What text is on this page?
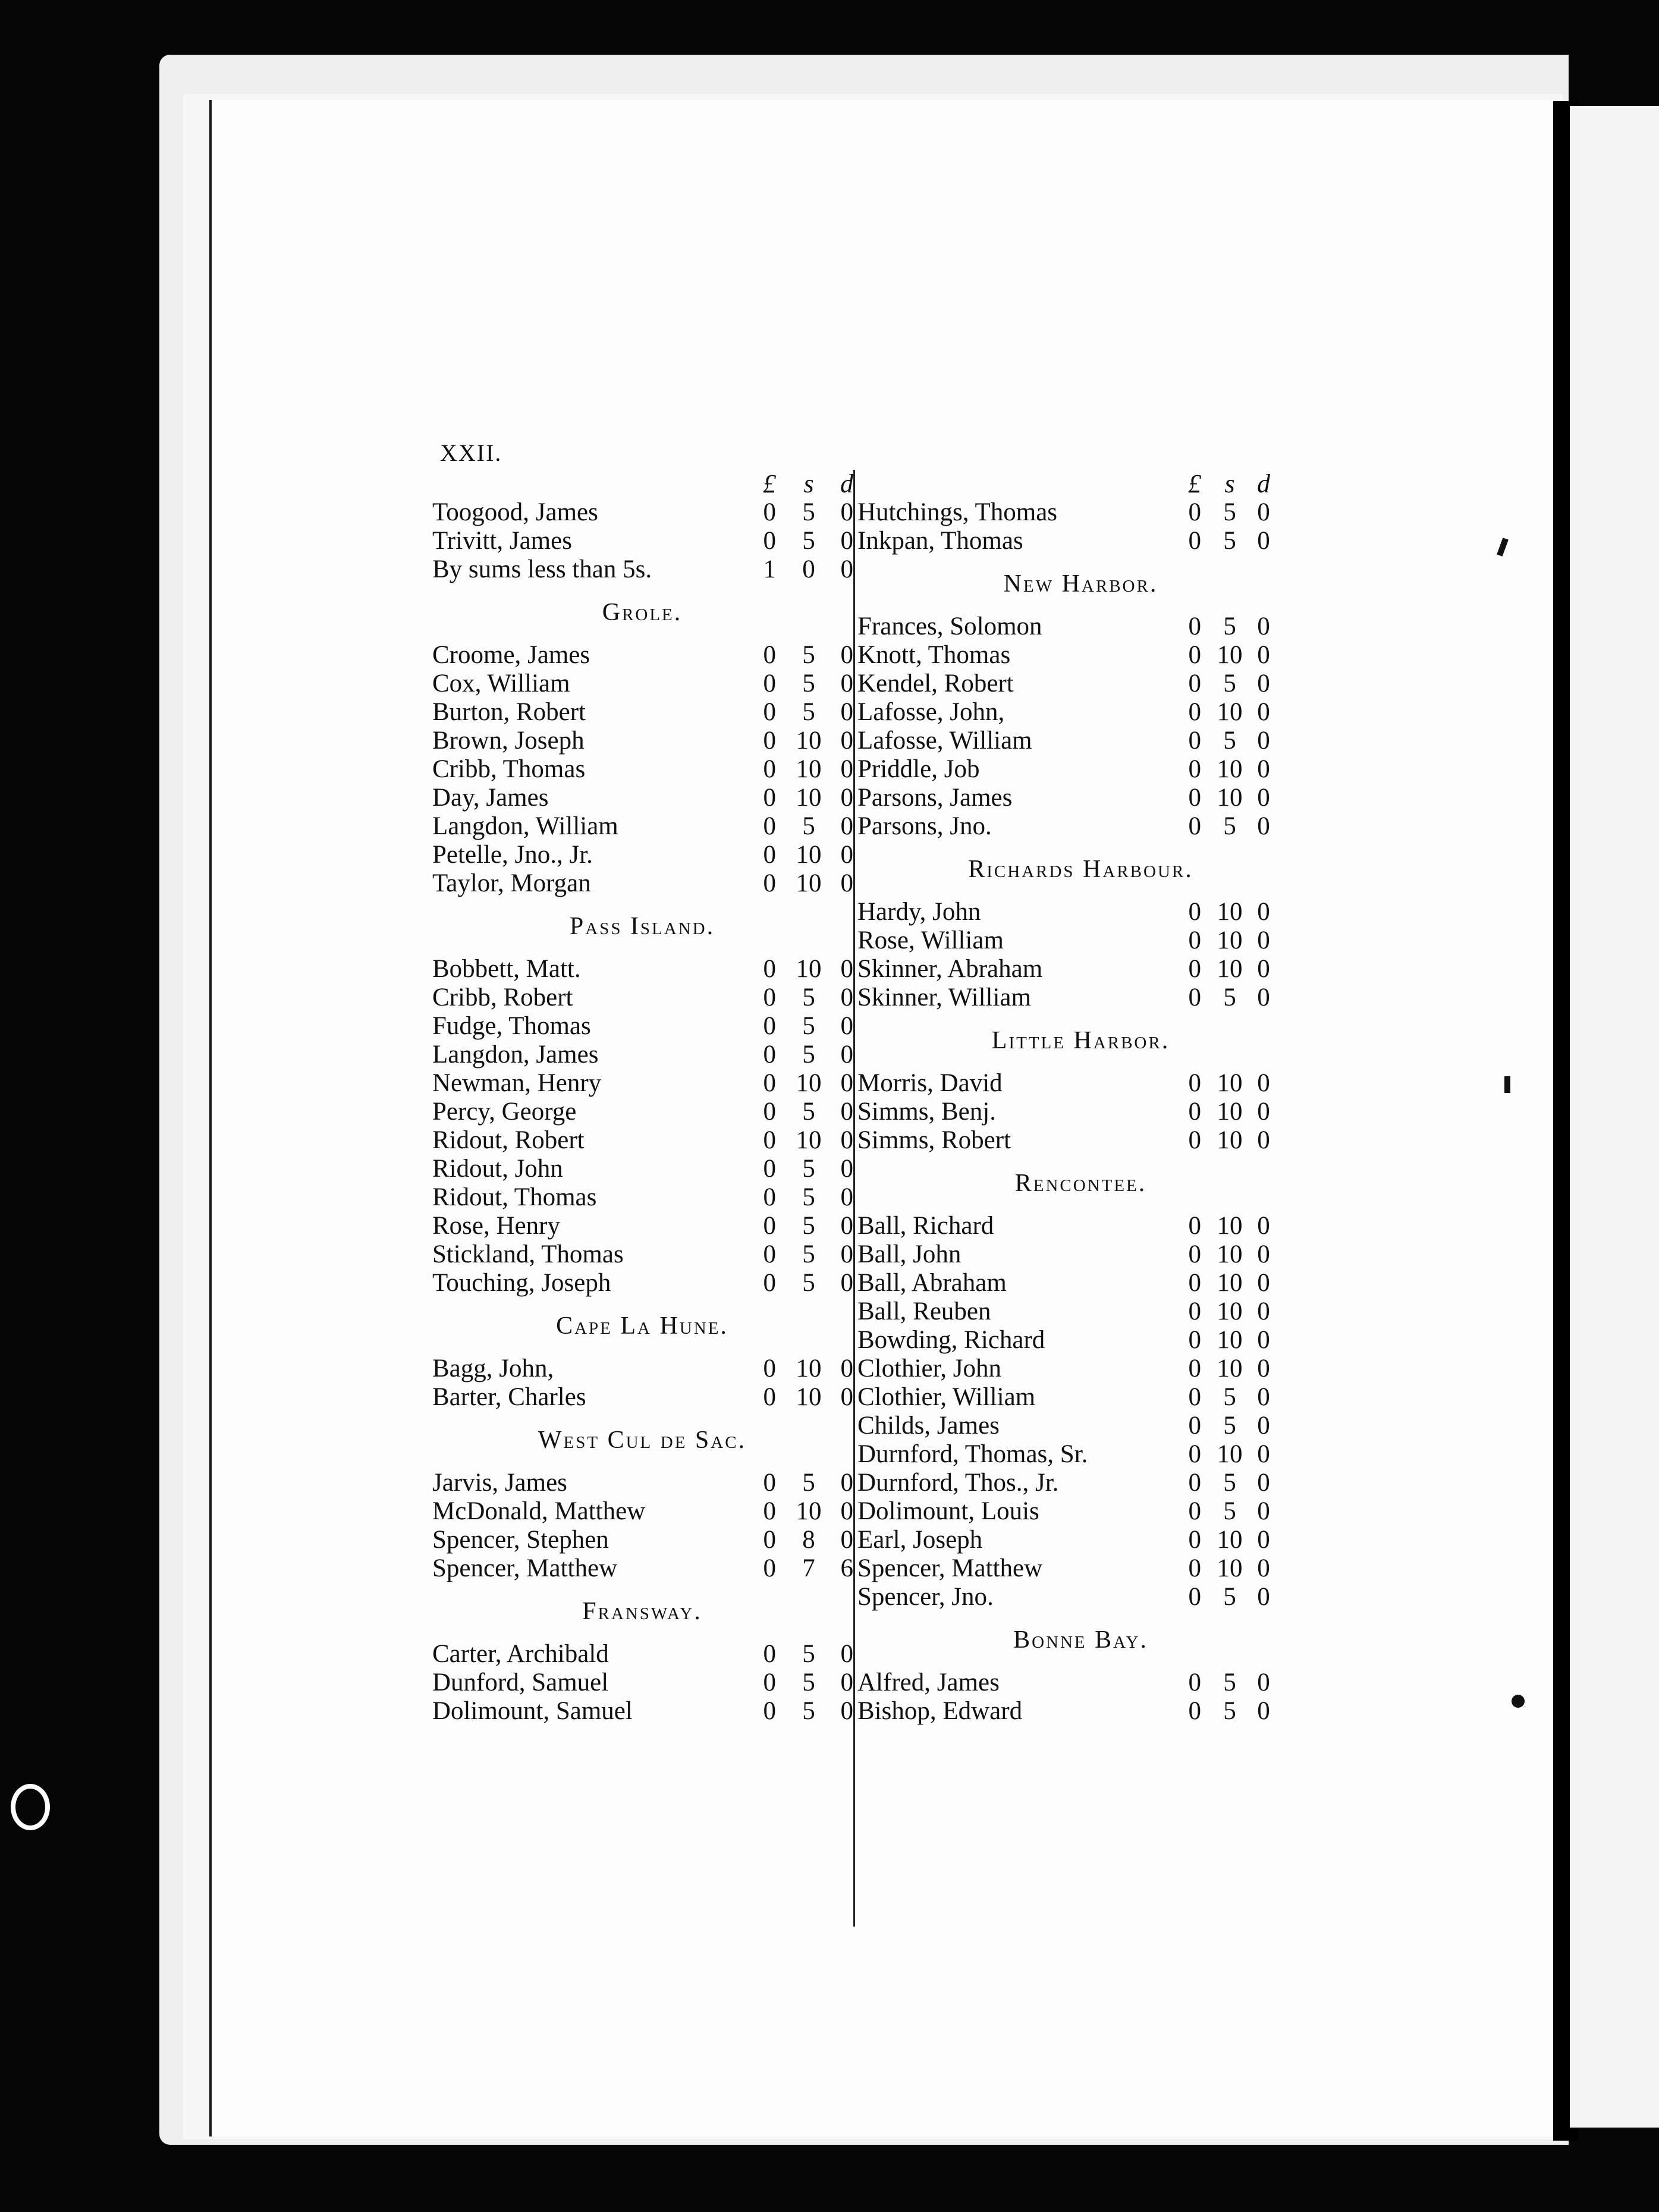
XXII.
£	s	d
Toogood, James	0	5 0
Trivitt, James	0	5 0
By sums less than 5s.	1	0 0
Grole.
Croome, James	0	5 0
Cox, William	0	5 0
Burton, Robert	0	5 0
Brown, Joseph	0 10 0
Cribb, Thomas	0 10 0
Day, James	0 10 0
Langdon, William	0	5 0
Petelle, Jno., Jr.	0 10 0
Taylor, Morgan	0 10 0
Pass Island.
Bobbett, Matt.	0 10 0
Cribb, Robert	0	5 0
Fudge, Thomas	0	5 0
Langdon, James	0	5 0
Newman, Henry	0 10 0
Percy, George	0	5 0
Ridout, Robert	0 10 0
Ridout, John	0	5 0
Ridout, Thomas	0	5 0
Rose, Henry	0	5 0
Stickland, Thomas	0	5 0
Touching, Joseph	0	5 0
Cape La Hune.
Bagg, John,	0 10 0
Barter, Charles	0 10 0
West Cul de Sac.
Jarvis, James	0	5 0
McDonald, Matthew	0 10 0
Spencer, Stephen	0	8 0
Spencer, Matthew	0	7 6
Fransway.
Carter, Archibald	0	5 0
Dunford, Samuel	0	5 0
Dolimount, Samuel	0	5 0
£ s d
Hutchings, Thomas	0 5 0
Inkpan, Thomas	0 5 0
New Harbor.
Frances, Solomon	0 5 0
Knott, Thomas	0 10 0
Kendel, Robert	0 5 0
Lafosse, John,	0 10 0
Lafosse, William	0 5 0
Priddle, Job	0 10 0
Parsons, James	0 10 0
Parsons, Jno.	0 5 0
Richards Harbour.
Hardy, John	0 10 0
Rose, William	0 10 0
Skinner, Abraham	0 10 0
Skinner, William	0 5 0
Little Harbor.
Morris, David	0 10 0
Simms, Benj.	0 10 0
Simms, Robert	0 10 0
Rencontee.
Ball, Richard	0 10 0
Ball, John	0 10 0
Ball, Abraham	0 10 0
Ball, Reuben	0 10 0
Bowding, Richard	0 10 0
Clothier, John	0 10 0
Clothier, William	0 5 0
Childs, James	0 5 0
Durnford, Thomas, Sr.	0 10 0
Durnford, Thos., Jr.	0 5 0
Dolimount, Louis	0 5 0
Earl, Joseph	0 10 0
Spencer, Matthew	0 10 0
Spencer, Jno.	0 5 0
Bonne Bay.
Alfred, James	0 5 0
Bishop, Edward	0 5 0
